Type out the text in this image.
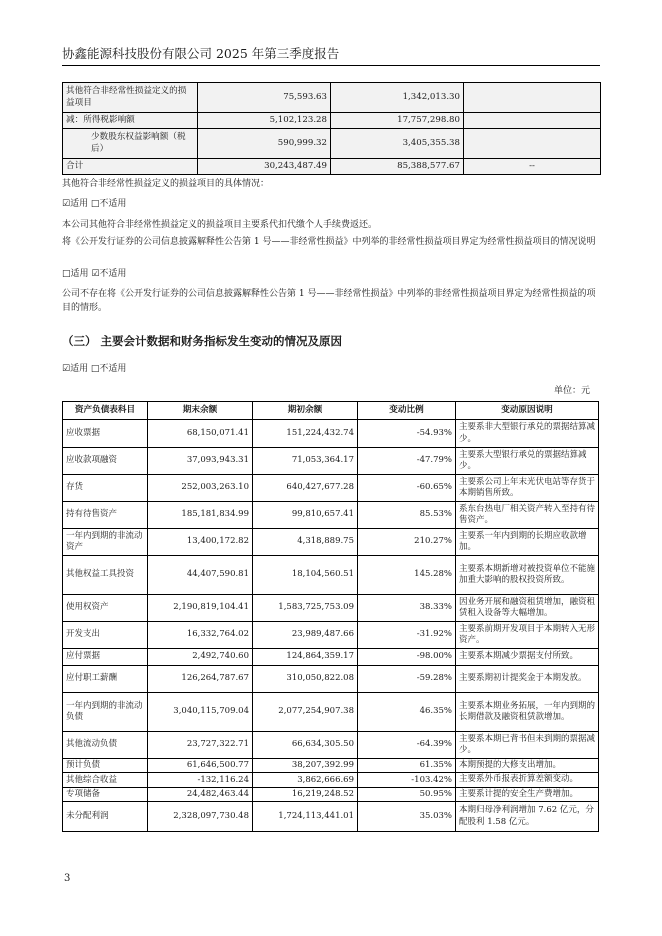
协鑫能源科技股份有限公司 2025 年第三季度报告
其他符合非经常性损益定义的损益项目	75,593.63	1,342,013.30	
减：所得税影响额	5,102,123.28	17,757,298.80	
少数股东权益影响额（税后）	590,999.32	3,405,355.38	
合计	30,243,487.49	85,388,577.67	--
其他符合非经常性损益定义的损益项目的具体情况：
☑适用 □不适用
本公司其他符合非经常性损益定义的损益项目主要系代扣代缴个人手续费返还。
将《公开发行证券的公司信息披露解释性公告第 1 号——非经常性损益》中列举的非经常性损益项目界定为经常性损益项目的情况说明
□适用 ☑不适用
公司不存在将《公开发行证券的公司信息披露解释性公告第 1 号——非经常性损益》中列举的非经常性损益项目界定为经常性损益的项目的情形。
（三） 主要会计数据和财务指标发生变动的情况及原因
☑适用 □不适用
单位：元
资产负债表科目	期末余额	期初余额	变动比例	变动原因说明
应收票据	68,150,071.41	151,224,432.74	-54.93%	主要系非大型银行承兑的票据结算减少。
应收款项融资	37,093,943.31	71,053,364.17	-47.79%	主要系大型银行承兑的票据结算减少。
存货	252,003,263.10	640,427,677.28	-60.65%	主要系公司上年末光伏电站等存货于本期销售所致。
持有待售资产	185,181,834.99	99,810,657.41	85.53%	系东台热电厂相关资产转入至持有待售资产。
一年内到期的非流动资产	13,400,172.82	4,318,889.75	210.27%	主要系一年内到期的长期应收款增加。
其他权益工具投资	44,407,590.81	18,104,560.51	145.28%	主要系本期新增对被投资单位不能施加重大影响的股权投资所致。
使用权资产	2,190,819,104.41	1,583,725,753.09	38.33%	因业务开展和融资租赁增加，融资租赁租入设备等大幅增加。
开发支出	16,332,764.02	23,989,487.66	-31.92%	主要系前期开发项目于本期转入无形资产。
应付票据	2,492,740.60	124,864,359.17	-98.00%	主要系本期减少票据支付所致。
应付职工薪酬	126,264,787.67	310,050,822.08	-59.28%	主要系期初计提奖金于本期发放。
一年内到期的非流动负债	3,040,115,709.04	2,077,254,907.38	46.35%	主要系本期业务拓展，一年内到期的长期借款及融资租赁款增加。
其他流动负债	23,727,322.71	66,634,305.50	-64.39%	主要系本期已背书但未到期的票据减少。
预计负债	61,646,500.77	38,207,392.99	61.35%	本期预提的大修支出增加。
其他综合收益	-132,116.24	3,862,666.69	-103.42%	主要系外币报表折算差额变动。
专项储备	24,482,463.44	16,219,248.52	50.95%	主要系计提的安全生产费增加。
未分配利润	2,328,097,730.48	1,724,113,441.01	35.03%	本期归母净利润增加 7.62 亿元，分配股利 1.58 亿元。
3
